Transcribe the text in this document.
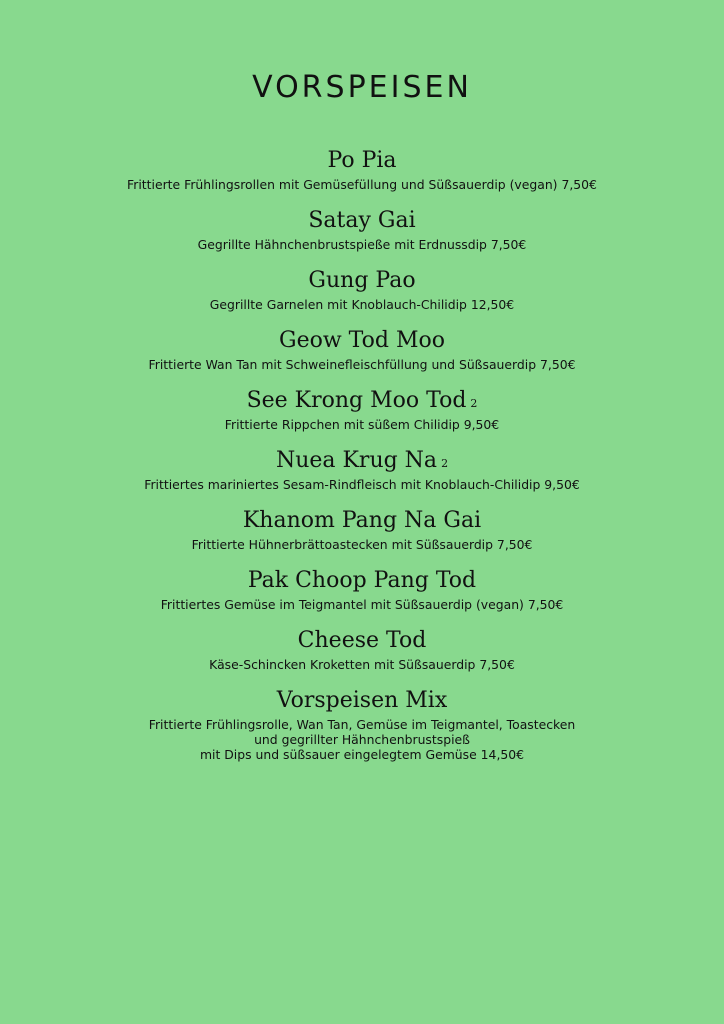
VORSPEISEN
Po Pia
Frittierte Frühlingsrollen mit Gemüsefüllung und Süßsauerdip (vegan) 7,50€
Satay Gai
Gegrillte Hähnchenbrustspieße mit Erdnussdip 7,50€
Gung Pao
Gegrillte Garnelen mit Knoblauch-Chilidip 12,50€
Geow Tod Moo
Frittierte Wan Tan mit Schweinefleischfüllung und Süßsauerdip 7,50€
See Krong Moo Tod 2
Frittierte Rippchen mit süßem Chilidip 9,50€
Nuea Krug Na 2
Frittiertes mariniertes Sesam-Rindfleisch mit Knoblauch-Chilidip 9,50€
Khanom Pang Na Gai
Frittierte Hühnerbrättoastecken mit Süßsauerdip 7,50€
Pak Choop Pang Tod
Frittiertes Gemüse im Teigmantel mit Süßsauerdip (vegan) 7,50€
Cheese Tod
Käse-Schincken Kroketten mit Süßsauerdip 7,50€
Vorspeisen Mix
Frittierte Frühlingsrolle, Wan Tan, Gemüse im Teigmantel, Toastecken
und gegrillter Hähnchenbrustspieß
mit Dips und süßsauer eingelegtem Gemüse 14,50€
